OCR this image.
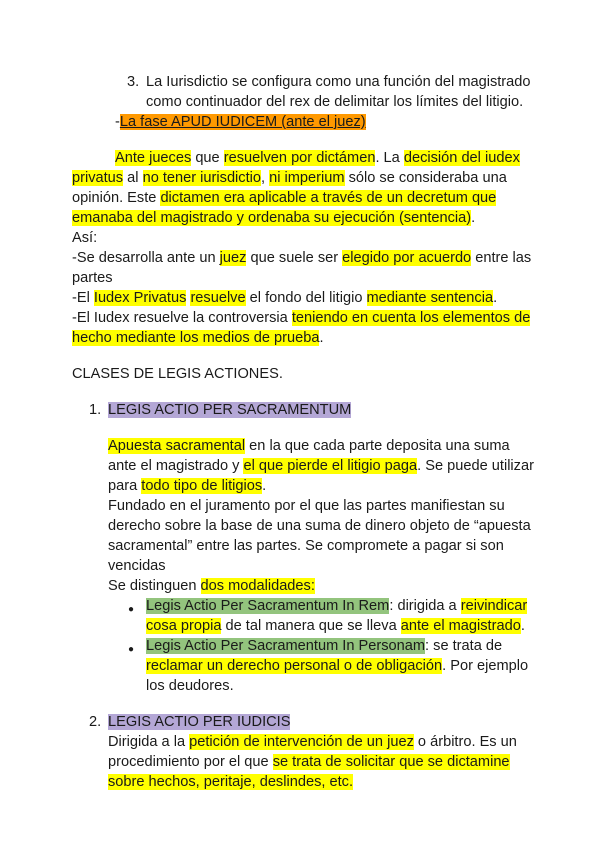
3. La Iurisdictio se configura como una función del magistrado
como continuador del rex de delimitar los límites del litigio.
-La fase APUD IUDICEM (ante el juez)
Ante jueces que resuelven por dictámen. La decisión del iudex
privatus al no tener iurisdictio, ni imperium sólo se consideraba una
opinión. Este dictamen era aplicable a través de un decretum que
emanaba del magistrado y ordenaba su ejecución (sentencia).
Así:
-Se desarrolla ante un juez que suele ser elegido por acuerdo entre las
partes
-El Iudex Privatus resuelve el fondo del litigio mediante sentencia.
-El Iudex resuelve la controversia teniendo en cuenta los elementos de
hecho mediante los medios de prueba.
CLASES DE LEGIS ACTIONES.
1. LEGIS ACTIO PER SACRAMENTUM
Apuesta sacramental en la que cada parte deposita una suma
ante el magistrado y el que pierde el litigio paga. Se puede utilizar
para todo tipo de litigios.
Fundado en el juramento por el que las partes manifiestan su
derecho sobre la base de una suma de dinero objeto de “apuesta
sacramental” entre las partes. Se compromete a pagar si son
vencidas
Se distinguen dos modalidades:
● Legis Actio Per Sacramentum In Rem: dirigida a reivindicar
cosa propia de tal manera que se lleva ante el magistrado.
● Legis Actio Per Sacramentum In Personam: se trata de
reclamar un derecho personal o de obligación. Por ejemplo
los deudores.
2. LEGIS ACTIO PER IUDICIS
Dirigida a la petición de intervención de un juez o árbitro. Es un
procedimiento por el que se trata de solicitar que se dictamine
sobre hechos, peritaje, deslindes, etc.
